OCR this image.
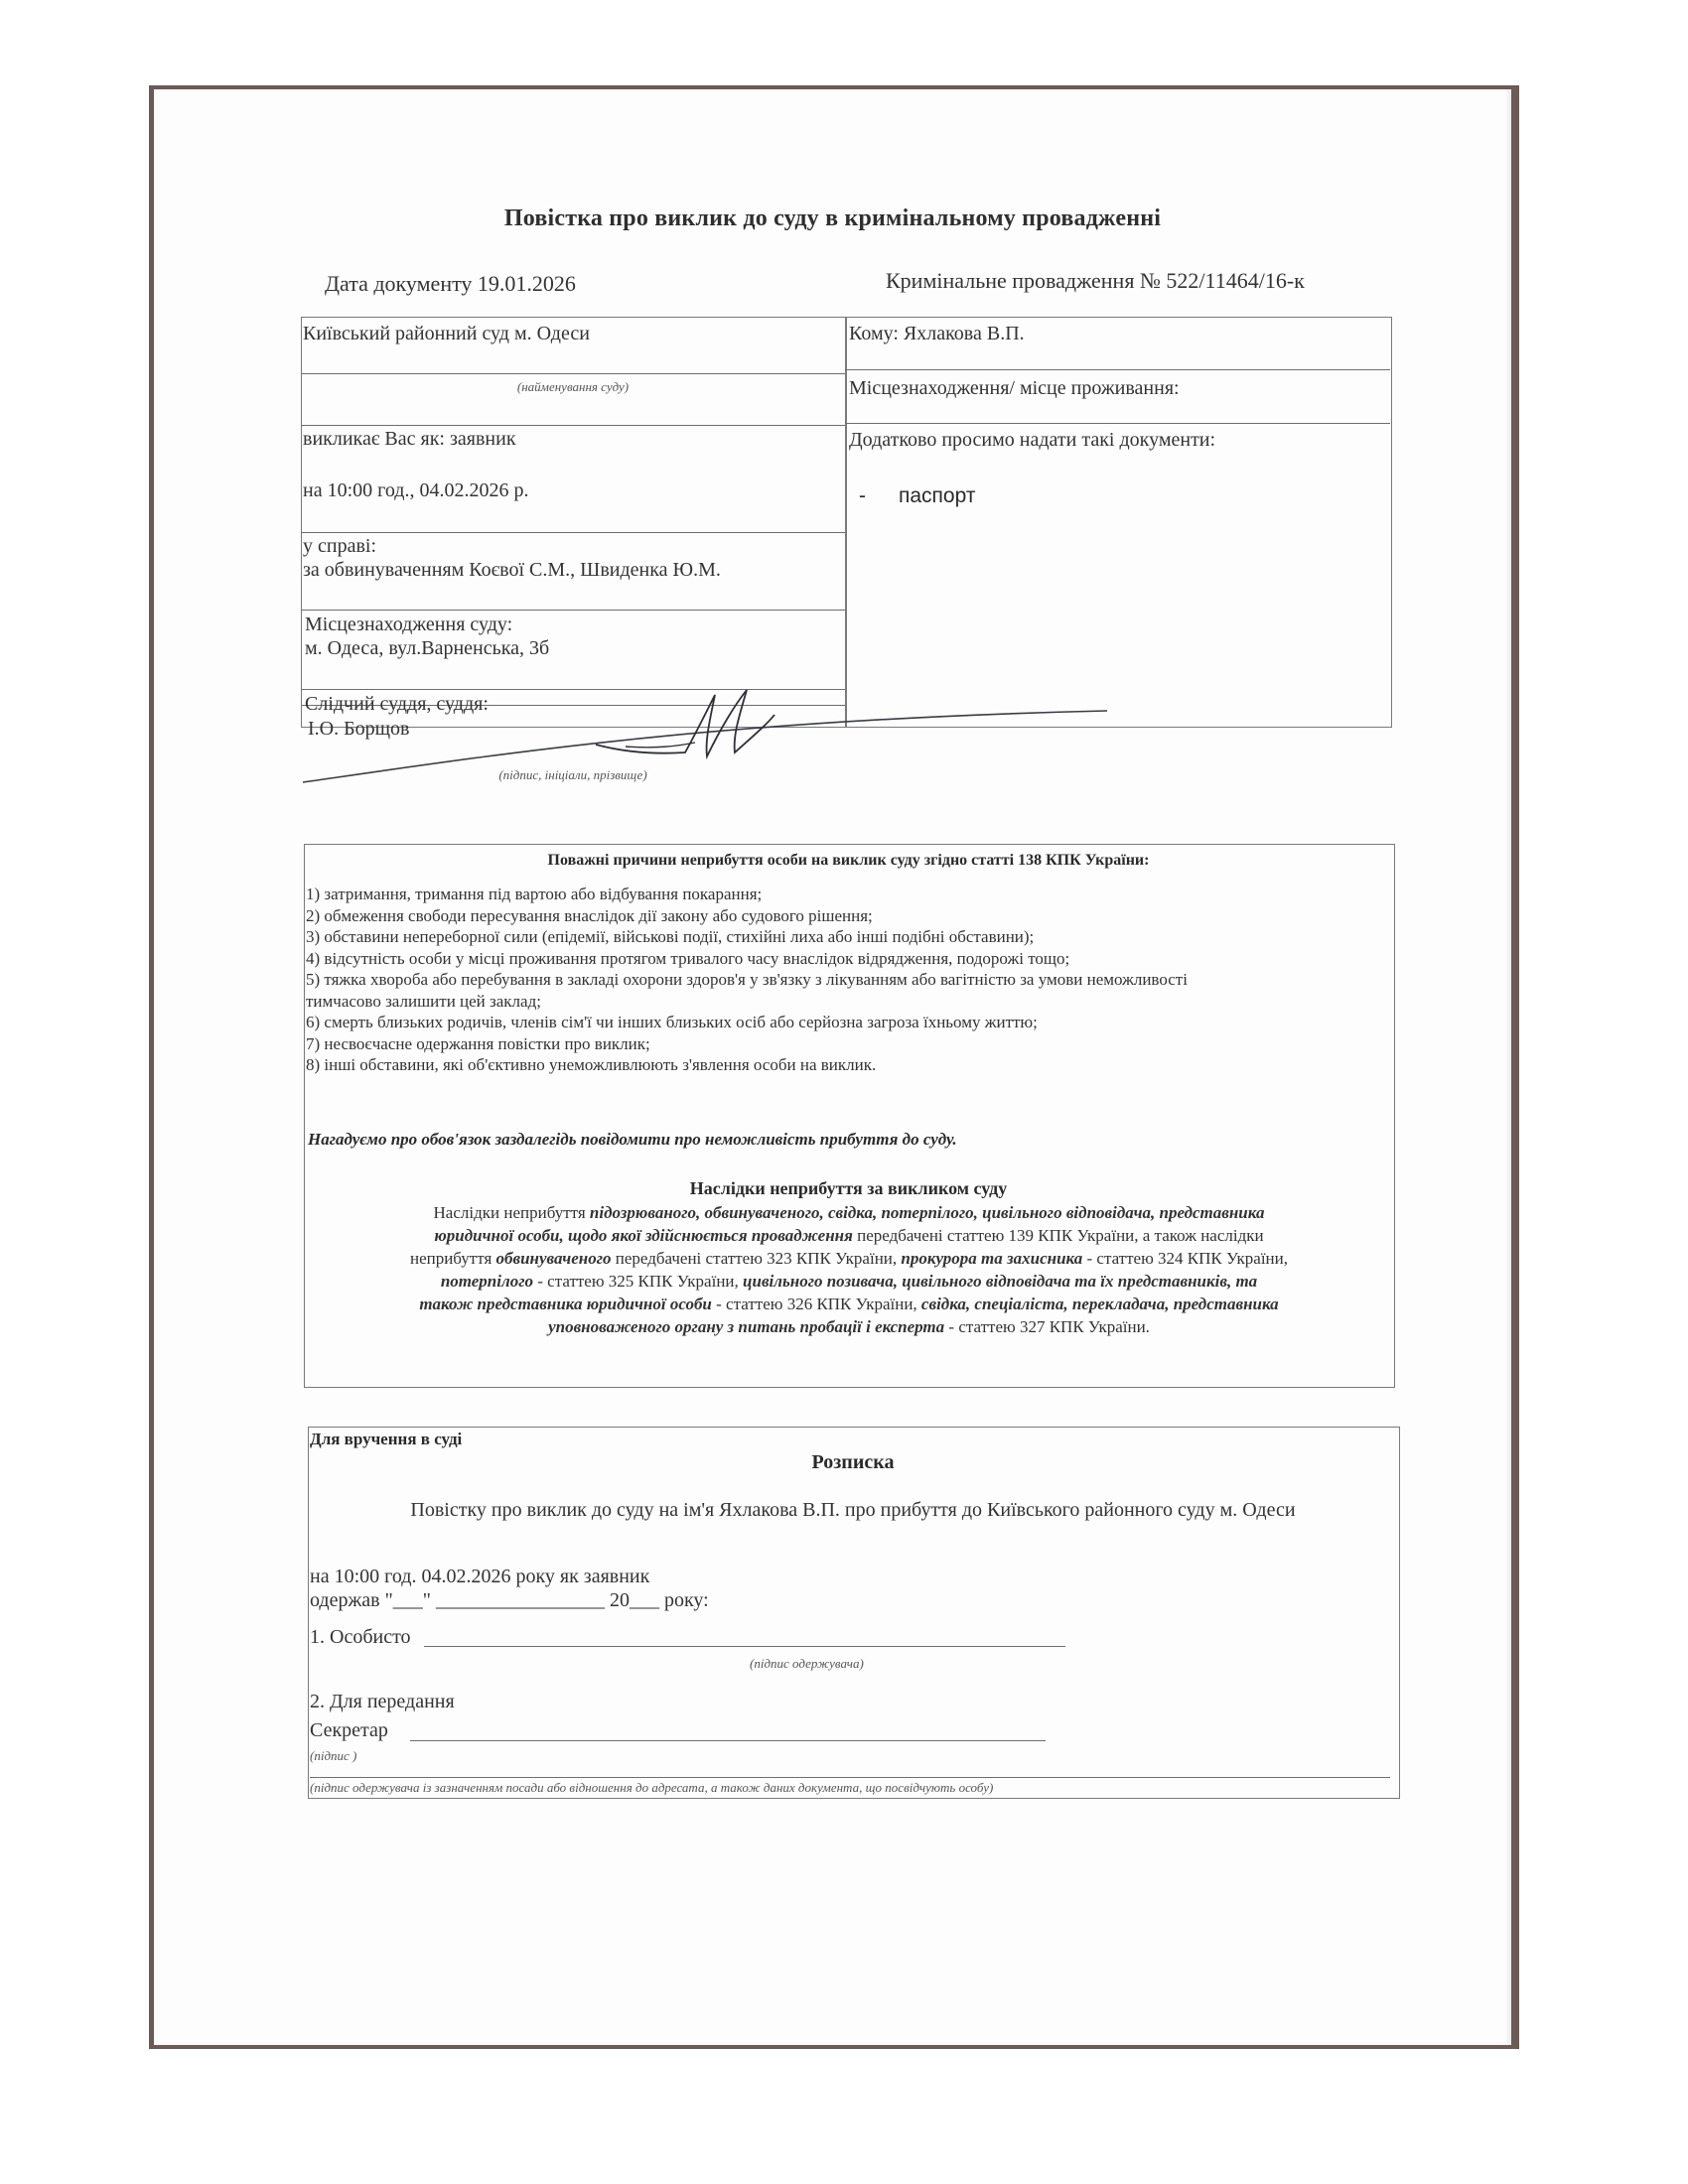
Повістка про виклик до суду в кримінальному провадженні
Дата документу 19.01.2026	Кримінальне провадження № 522/11464/16-к
Київський районний суд м. Одеси
(найменування суду)
викликає Вас як: заявник
на 10:00 год., 04.02.2026 р.
у справі:
за обвинуваченням Коєвої С.М., Швиденка Ю.М.
Місцезнаходження суду:
м. Одеса, вул.Варненська, 3б
Слідчий суддя, суддя:
І.О. Борщов
(підпис, ініціали, прізвище)
Кому: Яхлакова В.П.
Місцезнаходження/ місце проживання:
Додатково просимо надати такі документи:
- паспорт
Поважні причини неприбуття особи на виклик суду згідно статті 138 КПК України:
1) затримання, тримання під вартою або відбування покарання;
2) обмеження свободи пересування внаслідок дії закону або судового рішення;
3) обставини непереборної сили (епідемії, військові події, стихійні лиха або інші подібні обставини);
4) відсутність особи у місці проживання протягом тривалого часу внаслідок відрядження, подорожі тощо;
5) тяжка хвороба або перебування в закладі охорони здоров'я у зв'язку з лікуванням або вагітністю за умови неможливості
тимчасово залишити цей заклад;
6) смерть близьких родичів, членів сім'ї чи інших близьких осіб або серйозна загроза їхньому життю;
7) несвоєчасне одержання повістки про виклик;
8) інші обставини, які об'єктивно унеможливлюють з'явлення особи на виклик.
Нагадуємо про обов'язок заздалегідь повідомити про неможливість прибуття до суду.
Наслідки неприбуття за викликом суду
Наслідки неприбуття підозрюваного, обвинуваченого, свідка, потерпілого, цивільного відповідача, представника
юридичної особи, щодо якої здійснюється провадження передбачені статтею 139 КПК України, а також наслідки
неприбуття обвинуваченого передбачені статтею 323 КПК України, прокурора та захисника - статтею 324 КПК України,
потерпілого - статтею 325 КПК України, цивільного позивача, цивільного відповідача та їх представників, та
також представника юридичної особи - статтею 326 КПК України, свідка, спеціаліста, перекладача, представника
уповноваженого органу з питань пробації і експерта - статтею 327 КПК України.
Для вручення в суді
Розписка
Повістку про виклик до суду на ім'я Яхлакова В.П. про прибуття до Київського районного суду м. Одеси
на 10:00 год. 04.02.2026 року як заявник
одержав "___" _________________ 20___ року:
1. Особисто
(підпис одержувача)
2. Для передання
Секретар
(підпис )
(підпис одержувача із зазначенням посади або відношення до адресата, а також даних документа, що посвідчують особу)
